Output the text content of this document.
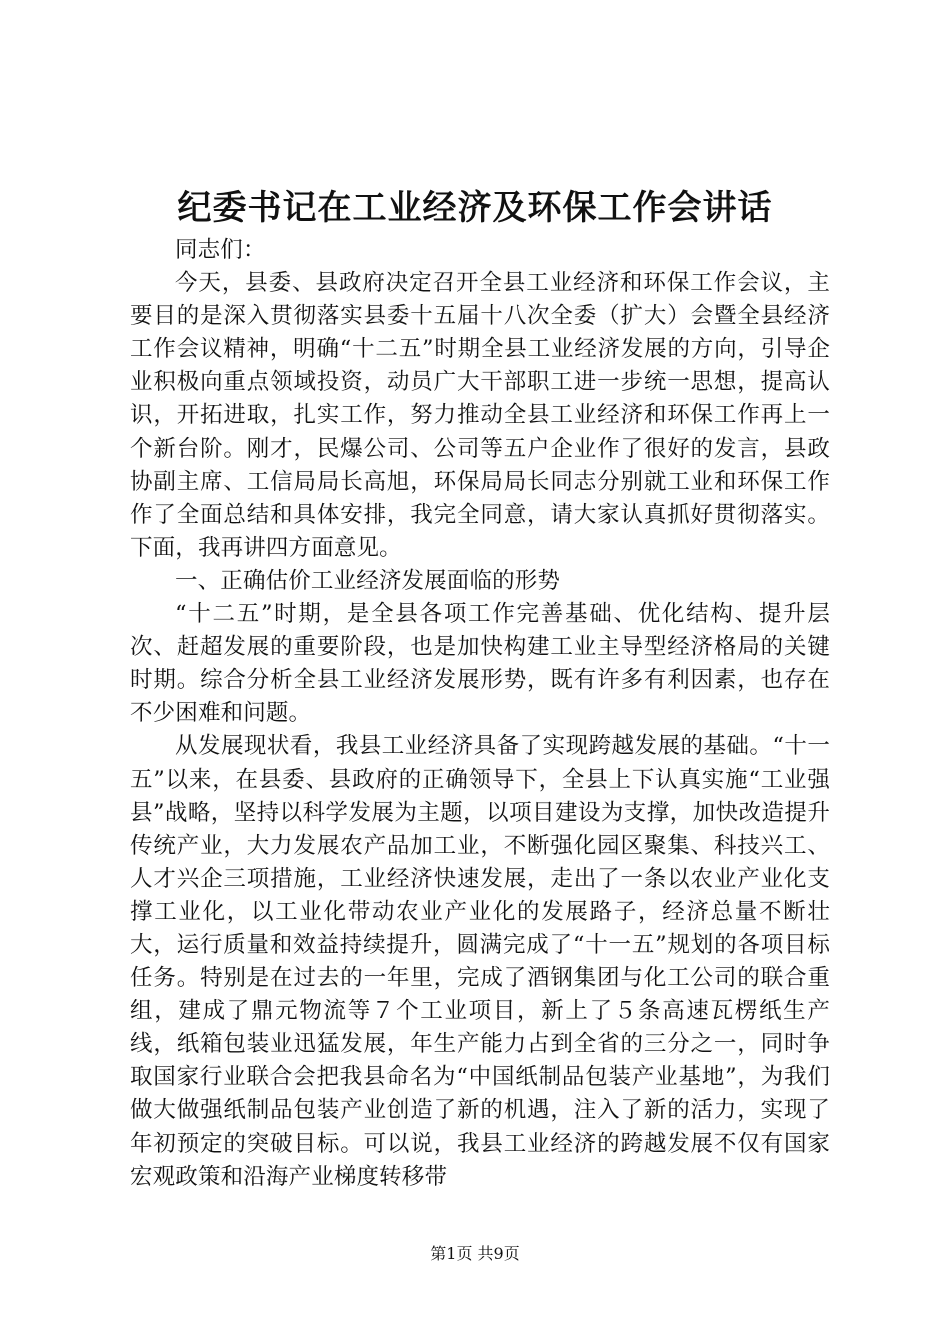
纪委书记在工业经济及环保工作会讲话

同志们：

今天，县委、县政府决定召开全县工业经济和环保工作会议，主要目的是深入贯彻落实县委十五届十八次全委（扩大）会暨全县经济工作会议精神，明确“十二五”时期全县工业经济发展的方向，引导企业积极向重点领域投资，动员广大干部职工进一步统一思想，提高认识，开拓进取，扎实工作，努力推动全县工业经济和环保工作再上一个新台阶。刚才，民爆公司、公司等五户企业作了很好的发言，县政协副主席、工信局局长高旭，环保局局长同志分别就工业和环保工作作了全面总结和具体安排，我完全同意，请大家认真抓好贯彻落实。下面，我再讲四方面意见。

一、正确估价工业经济发展面临的形势

“十二五”时期，是全县各项工作完善基础、优化结构、提升层次、赶超发展的重要阶段，也是加快构建工业主导型经济格局的关键时期。综合分析全县工业经济发展形势，既有许多有利因素，也存在不少困难和问题。

从发展现状看，我县工业经济具备了实现跨越发展的基础。“十一五”以来，在县委、县政府的正确领导下，全县上下认真实施“工业强县”战略，坚持以科学发展为主题，以项目建设为支撑，加快改造提升传统产业，大力发展农产品加工业，不断强化园区聚集、科技兴工、人才兴企三项措施，工业经济快速发展，走出了一条以农业产业化支撑工业化，以工业化带动农业产业化的发展路子，经济总量不断壮大，运行质量和效益持续提升，圆满完成了“十一五”规划的各项目标任务。特别是在过去的一年里，完成了酒钢集团与化工公司的联合重组，建成了鼎元物流等７个工业项目，新上了５条高速瓦楞纸生产线，纸箱包装业迅猛发展，年生产能力占到全省的三分之一，同时争取国家行业联合会把我县命名为“中国纸制品包装产业基地”，为我们做大做强纸制品包装产业创造了新的机遇，注入了新的活力，实现了年初预定的突破目标。可以说，我县工业经济的跨越发展不仅有国家宏观政策和沿海产业梯度转移带

第1页 共9页
